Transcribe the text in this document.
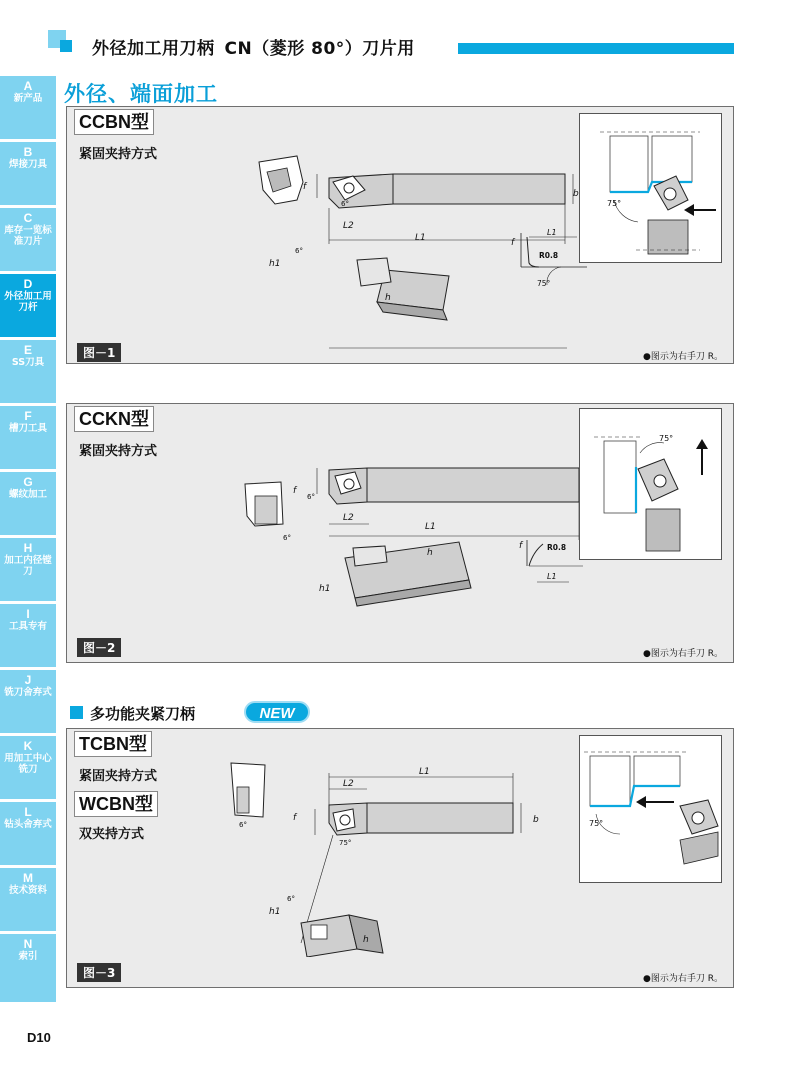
外径加工用刀柄 CN（菱形 80°）刀片用
A
新产品
B
焊接刀具
C
库存一览标准刀片
D
外径加工用刀杆
E
SS刀具
F
槽刀工具
G
螺纹加工
H
加工内径镗刀
I
工具专有
J
铣刀舍弃式
K
用加工中心铣刀
L
钻头舍弃式
M
技术资料
N
索引
外径、端面加工
CCBN型
紧固夹持方式
f
b
L2
L1
h1
h
6°
6°
f
L1
R0.8
75°
75°
图－1	●图示为右手刀 R。
CCKN型
紧固夹持方式
f
L2
L1
h1
h
6°
6°
f	R0.8
L1
75°
图－2	●图示为右手刀 R。
多功能夹紧刀柄	NEW
TCBN型
紧固夹持方式
WCBN型
双夹持方式
f	b
L2
L1
h1
h
6°
6°
75°
75°
图－3	●图示为右手刀 R。
D10
